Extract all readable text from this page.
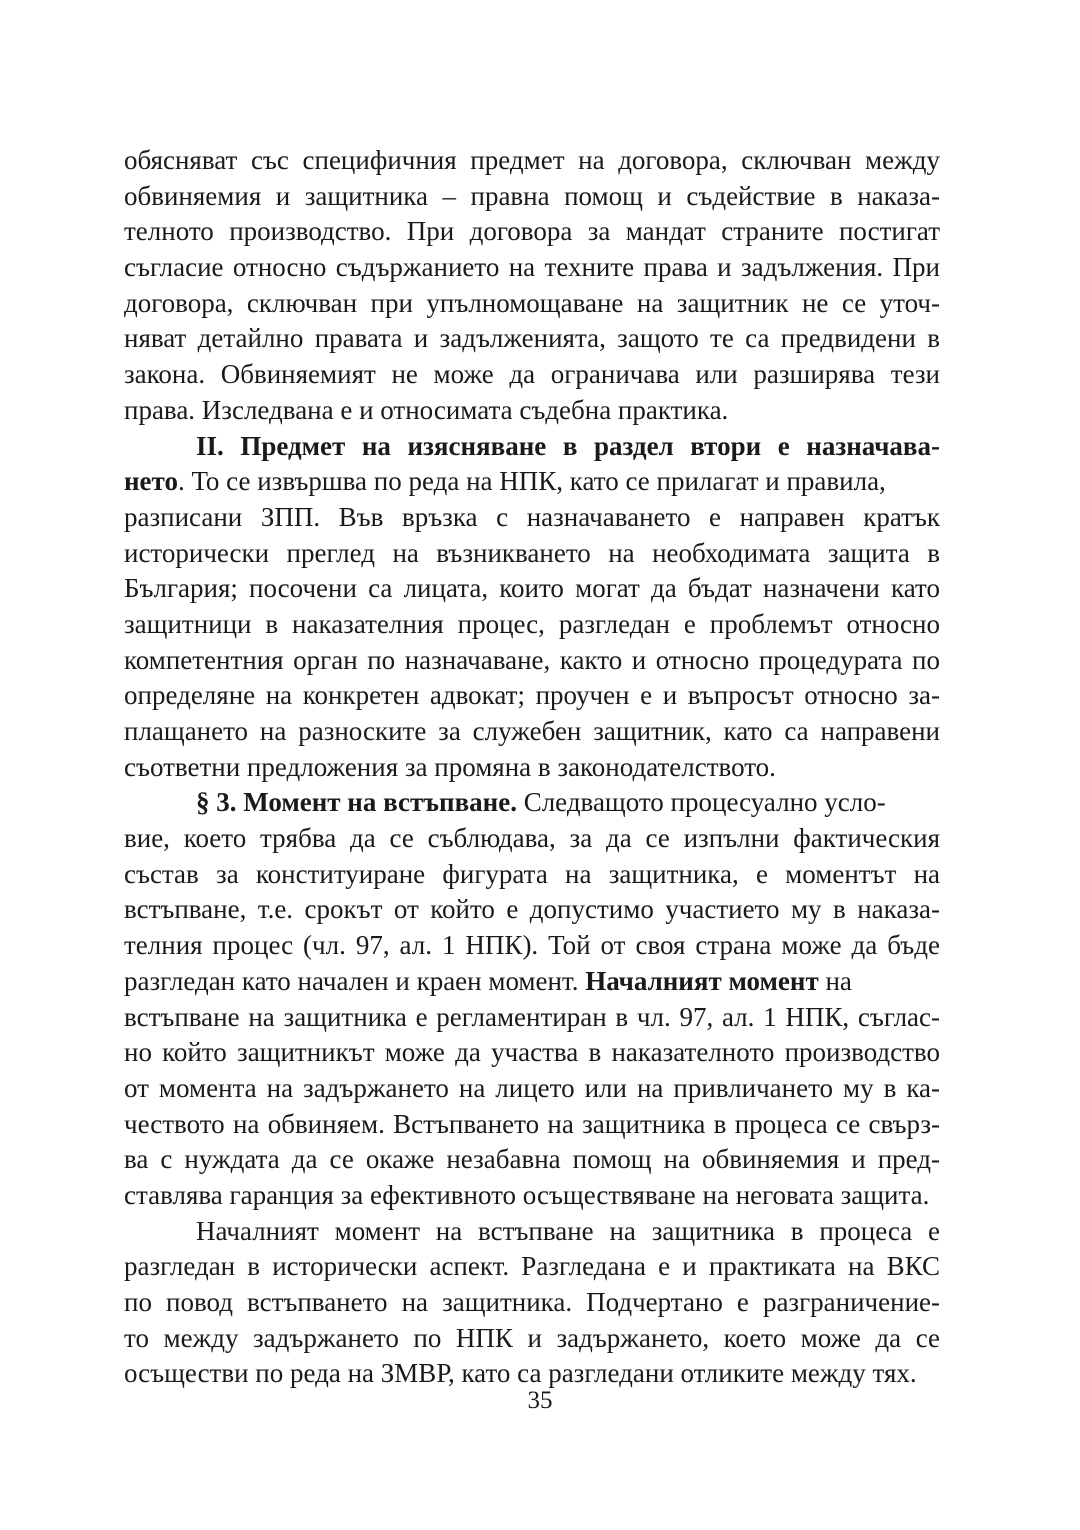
обясняват със специфичния предмет на договора, сключван между
обвиняемия и защитника – правна помощ и съдействие в наказа-
телното производство. При договора за мандат страните постигат
съгласие относно съдържанието на техните права и задължения. При
договора, сключван при упълномощаване на защитник не се уточ-
няват детайлно правата и задълженията, защото те са предвидени в
закона. Обвиняемият не може да ограничава или разширява тези
права. Изследвана е и относимата съдебна практика.
II. Предмет на изясняване в раздел втори е назначава-
нето. То се извършва по реда на НПК, като се прилагат и правила,
разписани ЗПП. Във връзка с назначаването е направен кратък
исторически преглед на възникването на необходимата защита в
България; посочени са лицата, които могат да бъдат назначени като
защитници в наказателния процес, разгледан е проблемът относно
компетентния орган по назначаване, както и относно процедурата по
определяне на конкретен адвокат; проучен е и въпросът относно за-
плащането на разноските за служебен защитник, като са направени
съответни предложения за промяна в законодателството.
§ 3. Момент на встъпване. Следващото процесуално усло-
вие, което трябва да се съблюдава, за да се изпълни фактическия
състав за конституиране фигурата на защитника, е моментът на
встъпване, т.е. срокът от който е допустимо участието му в наказа-
телния процес (чл. 97, ал. 1 НПК). Той от своя страна може да бъде
разгледан като начален и краен момент. Началният момент на
встъпване на защитника е регламентиран в чл. 97, ал. 1 НПК, съглас-
но който защитникът може да участва в наказателното производство
от момента на задържането на лицето или на привличането му в ка-
чеството на обвиняем. Встъпването на защитника в процеса се свърз-
ва с нуждата да се окаже незабавна помощ на обвиняемия и пред-
ставлява гаранция за ефективното осъществяване на неговата защита.
Началният момент на встъпване на защитника в процеса е
разгледан в исторически аспект. Разгледана е и практиката на ВКС
по повод встъпването на защитника. Подчертано е разграничение-
то между задържането по НПК и задържането, което може да се
осъществи по реда на ЗМВР, като са разгледани отликите между тях.
35
